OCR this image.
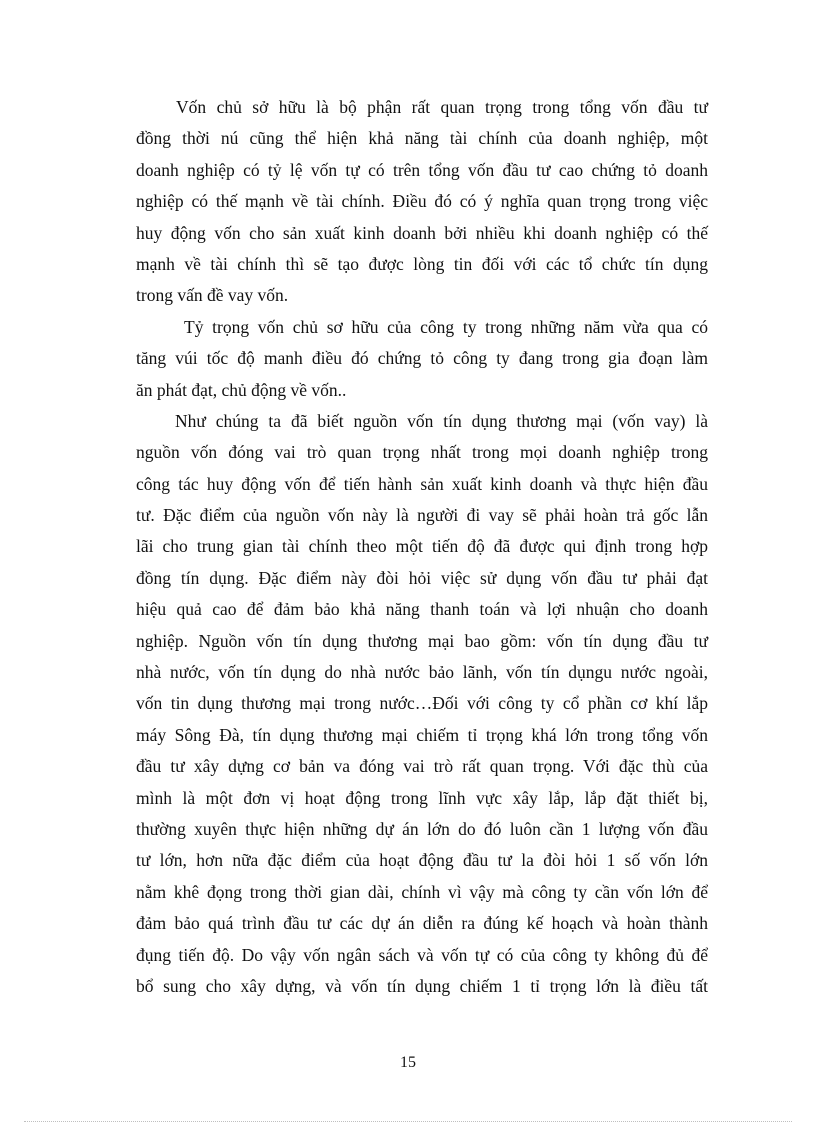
Vốn chủ sở hữu là bộ phận rất quan trọng trong tổng vốn đầu tư
đồng thời nú cũng thể hiện khả năng tài chính của doanh nghiệp, một
doanh nghiệp có tỷ lệ vốn tự có trên tổng vốn đầu tư cao chứng tỏ doanh
nghiệp có thế mạnh về tài chính. Điều đó có ý nghĩa quan trọng trong việc
huy động vốn cho sản xuất kinh doanh bởi nhiều khi doanh nghiệp có thế
mạnh về tài chính thì sẽ tạo được lòng tin đối với các tổ chức tín dụng
trong vấn đề vay vốn.
Tỷ trọng vốn chủ sơ hữu của công ty trong những năm vừa qua có
tăng vúi tốc độ manh điều đó chứng tỏ công ty đang trong gia đoạn làm
ăn phát đạt, chủ động về vốn..
Như chúng ta đã biết nguồn vốn tín dụng thương mại (vốn vay) là
nguồn vốn đóng vai trò quan trọng nhất trong mọi doanh nghiệp trong
công tác huy động vốn để tiến hành sản xuất kinh doanh và thực hiện đầu
tư. Đặc điểm của nguồn vốn này là người đi vay sẽ phải hoàn trả gốc lẫn
lãi cho trung gian tài chính theo một tiến độ đã được qui định trong hợp
đồng tín dụng. Đặc điểm này đòi hỏi việc sử dụng vốn đầu tư phải đạt
hiệu quả cao để đảm bảo khả năng thanh toán và lợi nhuận cho doanh
nghiệp. Nguồn vốn tín dụng thương mại bao gồm: vốn tín dụng đầu tư
nhà nước, vốn tín dụng do nhà nước bảo lãnh, vốn tín dụngu nước ngoài,
vốn tin dụng thương mại trong nước…Đối với công ty cổ phần cơ khí lắp
máy Sông Đà, tín dụng thương mại chiếm tỉ trọng khá lớn trong tổng vốn
đầu tư xây dựng cơ bản va đóng vai trò rất quan trọng. Với đặc thù của
mình là một đơn vị hoạt động trong lĩnh vực xây lắp, lắp đặt thiết bị,
thường xuyên thực hiện những dự án lớn do đó luôn cần 1 lượng vốn đầu
tư lớn, hơn nữa đặc điểm của hoạt động đầu tư la đòi hỏi 1 số vốn lớn
nằm khê đọng trong thời gian dài, chính vì vậy mà công ty cần vốn lớn để
đảm bảo quá trình đầu tư các dự án diễn ra đúng kế hoạch và hoàn thành
đụng tiến độ. Do vậy vốn ngân sách và vốn tự có của công ty không đủ để
bổ sung cho xây dựng, và vốn tín dụng chiếm 1 tỉ trọng lớn là điều tất
15
